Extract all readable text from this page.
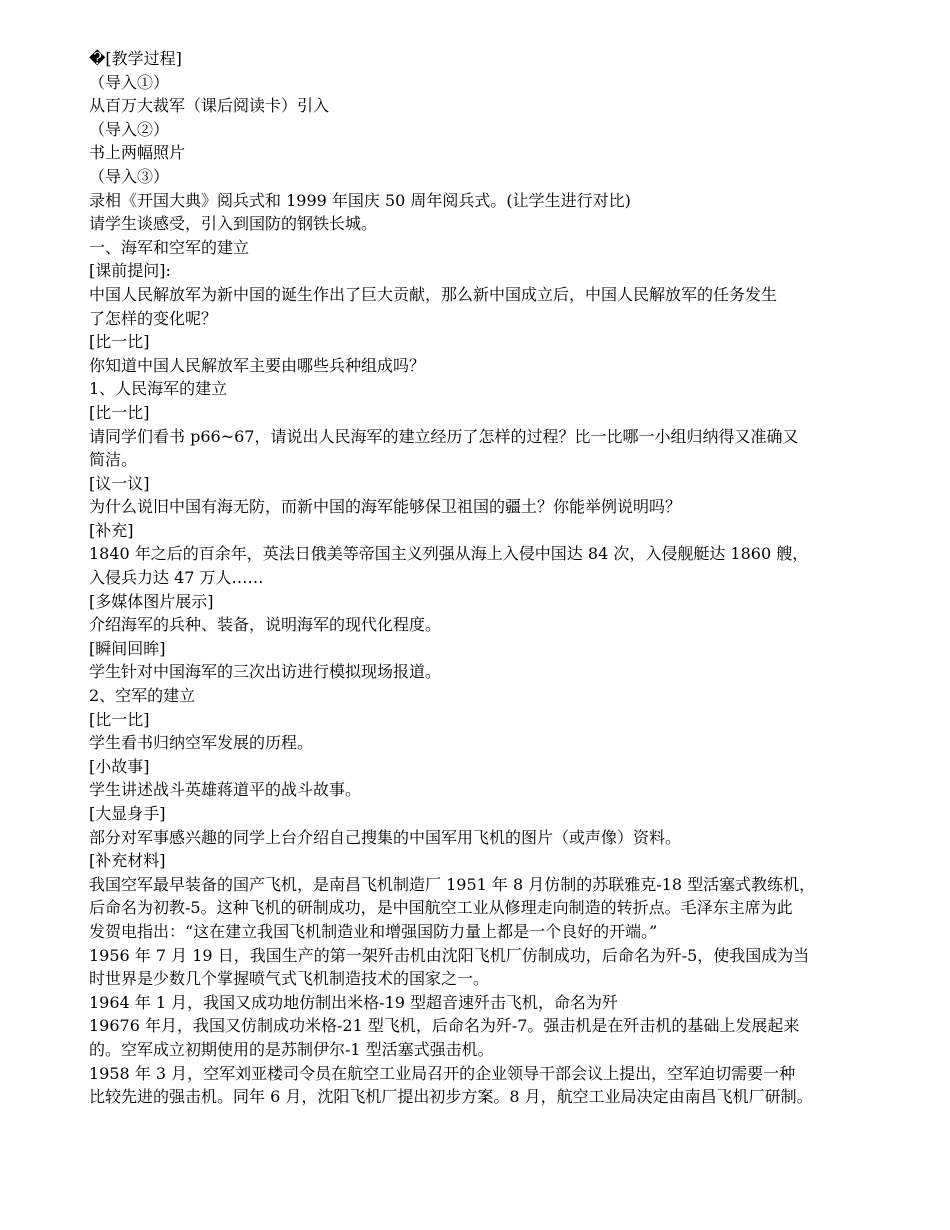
�[教学过程]
（导入①）
从百万大裁军（课后阅读卡）引入
（导入②）
书上两幅照片
（导入③）
录相《开国大典》阅兵式和 1999 年国庆 50 周年阅兵式。(让学生进行对比)
请学生谈感受，引入到国防的钢铁长城。
一、海军和空军的建立
[课前提问]:
中国人民解放军为新中国的诞生作出了巨大贡献，那么新中国成立后，中国人民解放军的任务发生
了怎样的变化呢？
[比一比]
你知道中国人民解放军主要由哪些兵种组成吗？
1、人民海军的建立
[比一比]
请同学们看书 p66~67，请说出人民海军的建立经历了怎样的过程？比一比哪一小组归纳得又准确又
简洁。
[议一议]
为什么说旧中国有海无防，而新中国的海军能够保卫祖国的疆土？你能举例说明吗？
[补充]
1840 年之后的百余年，英法日俄美等帝国主义列强从海上入侵中国达 84 次，入侵舰艇达 1860 艘，
入侵兵力达 47 万人……
[多媒体图片展示]
介绍海军的兵种、装备，说明海军的现代化程度。
[瞬间回眸]
学生针对中国海军的三次出访进行模拟现场报道。
2、空军的建立
[比一比]
学生看书归纳空军发展的历程。
[小故事]
学生讲述战斗英雄蒋道平的战斗故事。
[大显身手]
部分对军事感兴趣的同学上台介绍自己搜集的中国军用飞机的图片（或声像）资料。
[补充材料]
我国空军最早装备的国产飞机，是南昌飞机制造厂 1951 年 8 月仿制的苏联雅克-18 型活塞式教练机，
后命名为初教-5。这种飞机的研制成功，是中国航空工业从修理走向制造的转折点。毛泽东主席为此
发贺电指出：“这在建立我国飞机制造业和增强国防力量上都是一个良好的开端。”
1956 年 7 月 19 日，我国生产的第一架歼击机由沈阳飞机厂仿制成功，后命名为歼-5，使我国成为当
时世界是少数几个掌握喷气式飞机制造技术的国家之一。
1964 年 1 月，我国又成功地仿制出米格-19 型超音速歼击飞机，命名为歼
19676 年月，我国又仿制成功米格-21 型飞机，后命名为歼-7。强击机是在歼击机的基础上发展起来
的。空军成立初期使用的是苏制伊尔-1 型活塞式强击机。
1958 年 3 月，空军刘亚楼司令员在航空工业局召开的企业领导干部会议上提出，空军迫切需要一种
比较先进的强击机。同年 6 月，沈阳飞机厂提出初步方案。8 月，航空工业局决定由南昌飞机厂研制。
